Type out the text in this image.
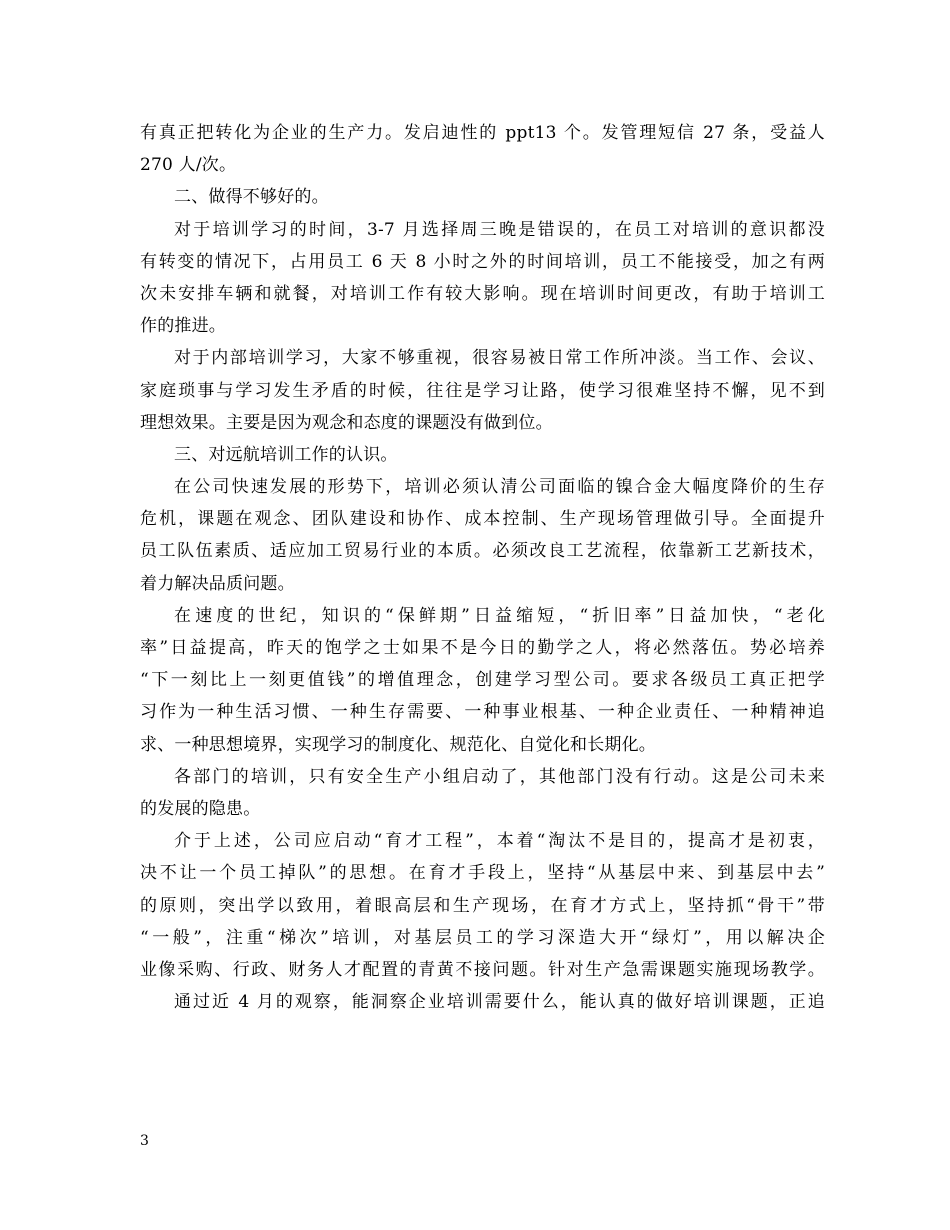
有真正把转化为企业的生产力。发启迪性的 ppt13 个。发管理短信 27 条，受益人
270 人/次。
二、做得不够好的。
对于培训学习的时间，3-7 月选择周三晚是错误的，在员工对培训的意识都没
有转变的情况下，占用员工 6 天 8 小时之外的时间培训，员工不能接受，加之有两
次未安排车辆和就餐，对培训工作有较大影响。现在培训时间更改，有助于培训工
作的推进。
对于内部培训学习，大家不够重视，很容易被日常工作所冲淡。当工作、会议、
家庭琐事与学习发生矛盾的时候，往往是学习让路，使学习很难坚持不懈，见不到
理想效果。主要是因为观念和态度的课题没有做到位。
三、对远航培训工作的认识。
在公司快速发展的形势下，培训必须认清公司面临的镍合金大幅度降价的生存
危机，课题在观念、团队建设和协作、成本控制、生产现场管理做引导。全面提升
员工队伍素质、适应加工贸易行业的本质。必须改良工艺流程，依靠新工艺新技术，
着力解决品质问题。
在速度的世纪，知识的“保鲜期”日益缩短，“折旧率”日益加快，“老化
率”日益提高，昨天的饱学之士如果不是今日的勤学之人，将必然落伍。势必培养
“下一刻比上一刻更值钱”的增值理念，创建学习型公司。要求各级员工真正把学
习作为一种生活习惯、一种生存需要、一种事业根基、一种企业责任、一种精神追
求、一种思想境界，实现学习的制度化、规范化、自觉化和长期化。
各部门的培训，只有安全生产小组启动了，其他部门没有行动。这是公司未来
的发展的隐患。
介于上述，公司应启动“育才工程”，本着“淘汰不是目的，提高才是初衷，
决不让一个员工掉队”的思想。在育才手段上，坚持“从基层中来、到基层中去”
的原则，突出学以致用，着眼高层和生产现场，在育才方式上，坚持抓“骨干”带
“一般”，注重“梯次”培训，对基层员工的学习深造大开“绿灯”，用以解决企
业像采购、行政、财务人才配置的青黄不接问题。针对生产急需课题实施现场教学。
通过近 4 月的观察，能洞察企业培训需要什么，能认真的做好培训课题，正追
3
